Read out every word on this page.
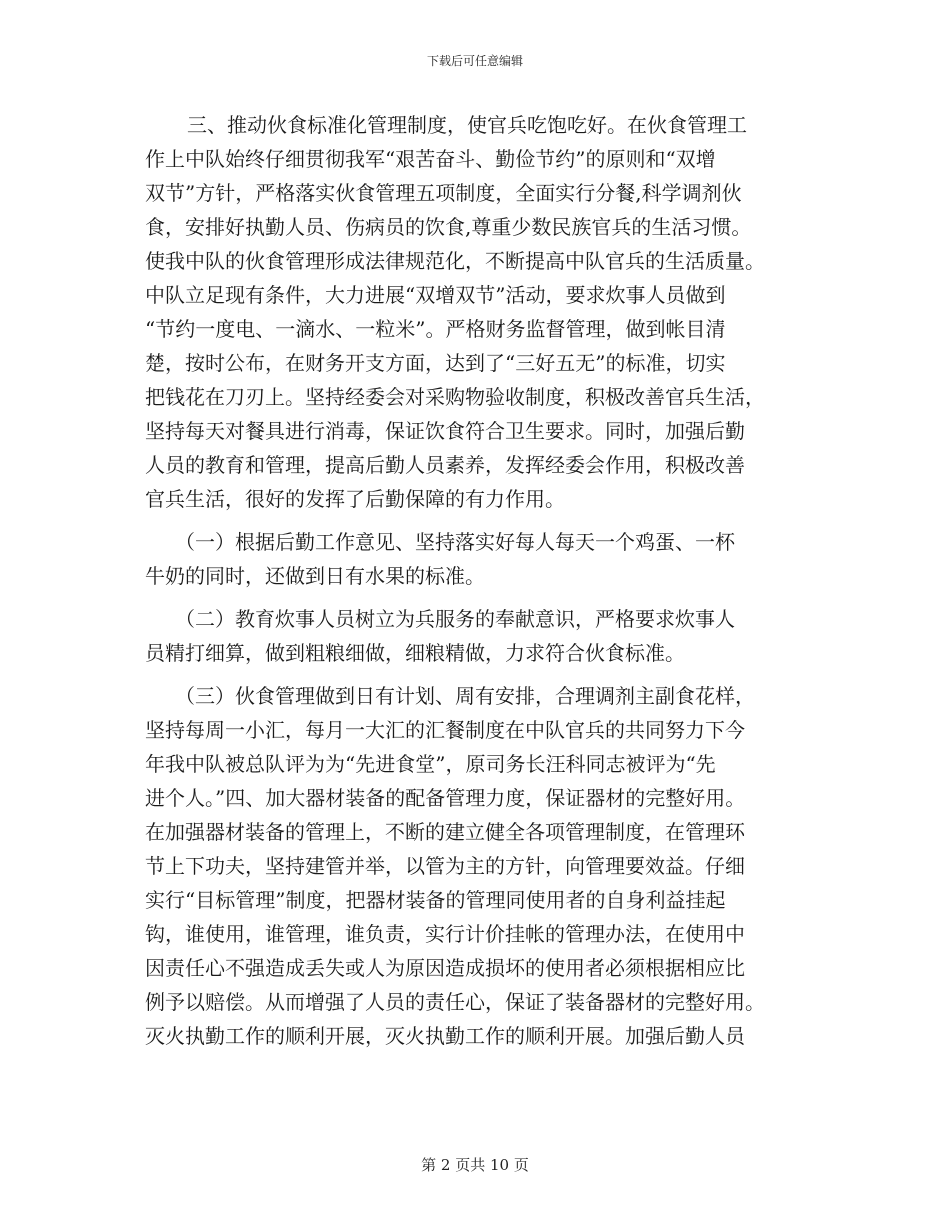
下载后可任意编辑
三、推动伙食标准化管理制度，使官兵吃饱吃好。在伙食管理工
作上中队始终仔细贯彻我军“艰苦奋斗、勤俭节约”的原则和“双增
双节”方针，严格落实伙食管理五项制度，全面实行分餐,科学调剂伙
食，安排好执勤人员、伤病员的饮食,尊重少数民族官兵的生活习惯。
使我中队的伙食管理形成法律规范化，不断提高中队官兵的生活质量。
中队立足现有条件，大力进展“双增双节”活动，要求炊事人员做到
“节约一度电、一滴水、一粒米”。严格财务监督管理，做到帐目清
楚，按时公布，在财务开支方面，达到了“三好五无”的标准，切实
把钱花在刀刃上。坚持经委会对采购物验收制度，积极改善官兵生活，
坚持每天对餐具进行消毒，保证饮食符合卫生要求。同时，加强后勤
人员的教育和管理，提高后勤人员素养，发挥经委会作用，积极改善
官兵生活，很好的发挥了后勤保障的有力作用。
（一）根据后勤工作意见、坚持落实好每人每天一个鸡蛋、一杯
牛奶的同时，还做到日有水果的标准。
（二）教育炊事人员树立为兵服务的奉献意识，严格要求炊事人
员精打细算，做到粗粮细做，细粮精做，力求符合伙食标准。
（三）伙食管理做到日有计划、周有安排，合理调剂主副食花样，
坚持每周一小汇，每月一大汇的汇餐制度在中队官兵的共同努力下今
年我中队被总队评为为“先进食堂”，原司务长汪科同志被评为“先
进个人。”四、加大器材装备的配备管理力度，保证器材的完整好用。
在加强器材装备的管理上，不断的建立健全各项管理制度，在管理环
节上下功夫，坚持建管并举，以管为主的方针，向管理要效益。仔细
实行“目标管理”制度，把器材装备的管理同使用者的自身利益挂起
钩，谁使用，谁管理，谁负责，实行计价挂帐的管理办法，在使用中
因责任心不强造成丢失或人为原因造成损坏的使用者必须根据相应比
例予以赔偿。从而增强了人员的责任心，保证了装备器材的完整好用。
灭火执勤工作的顺利开展，灭火执勤工作的顺利开展。加强后勤人员
第 2 页共 10 页
